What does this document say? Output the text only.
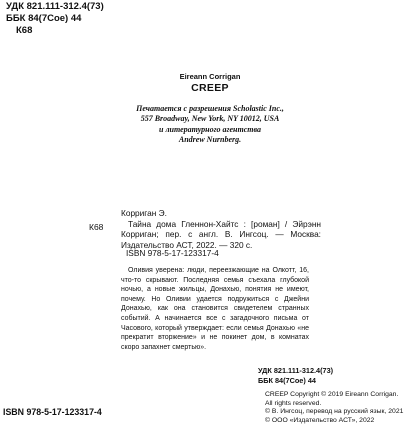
УДК 821.111-312.4(73)
ББК 84(7Сое) 44
К68
Eireann Corrigan
CREEP
Печатается с разрешения Scholastic Inc.,
557 Broadway, New York, NY 10012, USA
и литературного агентства
Andrew Nurnberg.
К68
Корриган Э.
Тайна дома Гленнон-Хайтс : [роман] / Эйрэнн Корриган; пер. с англ. В. Ингсоц. — Москва: Издательство АСТ, 2022. — 320 с.
ISBN 978-5-17-123317-4
Оливия уверена: люди, переезжающие на Олкотт, 16, что-то скрывают. Последняя семья съехала глубокой ночью, а новые жильцы, Донахью, понятия не имеют, почему. Но Оливии удается подружиться с Джейни Донахью, как она становится свидетелем странных событий. А начинается все с загадочного письма от Часового, который утверждает: если семья Донахью «не прекратит вторжение» и не покинет дом, в комнатах скоро запахнет смертью».
УДК 821.111-312.4(73)
ББК 84(7Сое) 44
CREEP Copyright © 2019 Eireann Corrigan.
All rights reserved.
© В. Ингсоц, перевод на русский язык, 2021
© ООО «Издательство АСТ», 2022
ISBN 978-5-17-123317-4
